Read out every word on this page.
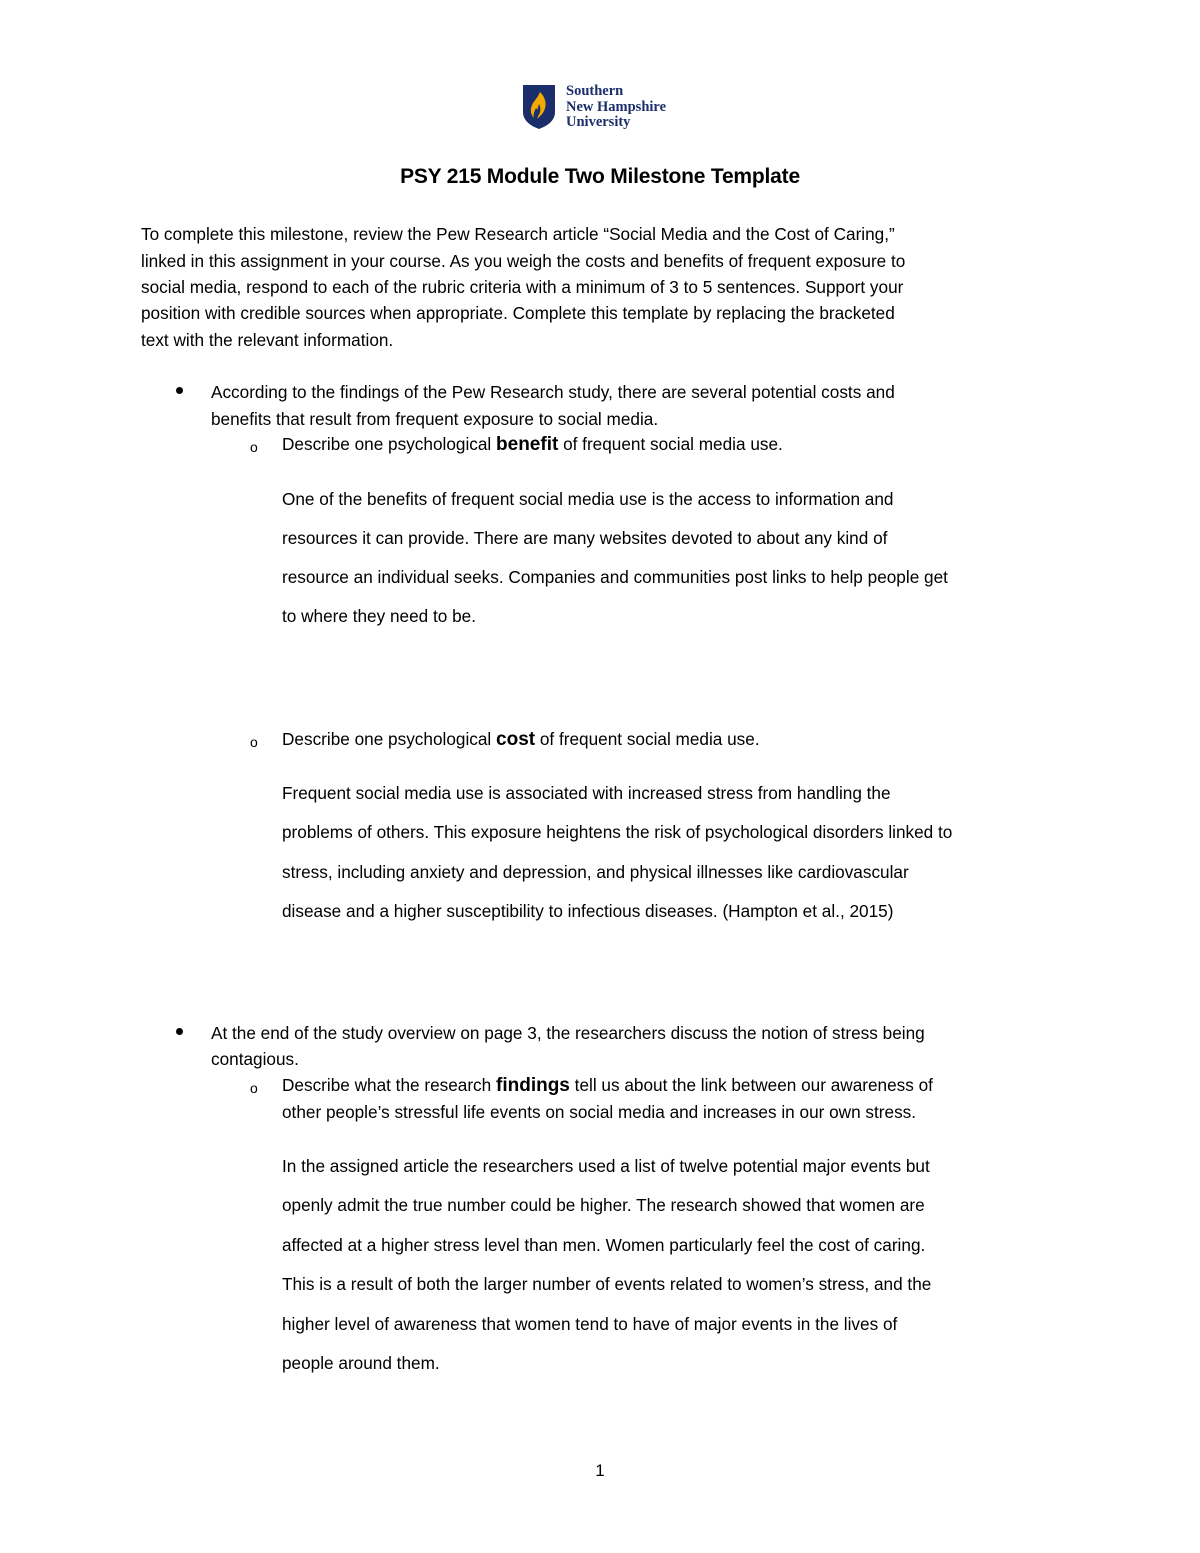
Southern
New Hampshire
University
PSY 215 Module Two Milestone Template
To complete this milestone, review the Pew Research article “Social Media and the Cost of Caring,”
linked in this assignment in your course. As you weigh the costs and benefits of frequent exposure to
social media, respond to each of the rubric criteria with a minimum of 3 to 5 sentences. Support your
position with credible sources when appropriate. Complete this template by replacing the bracketed
text with the relevant information.
According to the findings of the Pew Research study, there are several potential costs and
benefits that result from frequent exposure to social media.
o Describe one psychological benefit of frequent social media use.
One of the benefits of frequent social media use is the access to information and
resources it can provide. There are many websites devoted to about any kind of
resource an individual seeks. Companies and communities post links to help people get
to where they need to be.
o Describe one psychological cost of frequent social media use.
Frequent social media use is associated with increased stress from handling the
problems of others. This exposure heightens the risk of psychological disorders linked to
stress, including anxiety and depression, and physical illnesses like cardiovascular
disease and a higher susceptibility to infectious diseases. (Hampton et al., 2015)
At the end of the study overview on page 3, the researchers discuss the notion of stress being
contagious.
o Describe what the research findings tell us about the link between our awareness of
other people’s stressful life events on social media and increases in our own stress.
In the assigned article the researchers used a list of twelve potential major events but
openly admit the true number could be higher. The research showed that women are
affected at a higher stress level than men. Women particularly feel the cost of caring.
This is a result of both the larger number of events related to women’s stress, and the
higher level of awareness that women tend to have of major events in the lives of
people around them.
1
